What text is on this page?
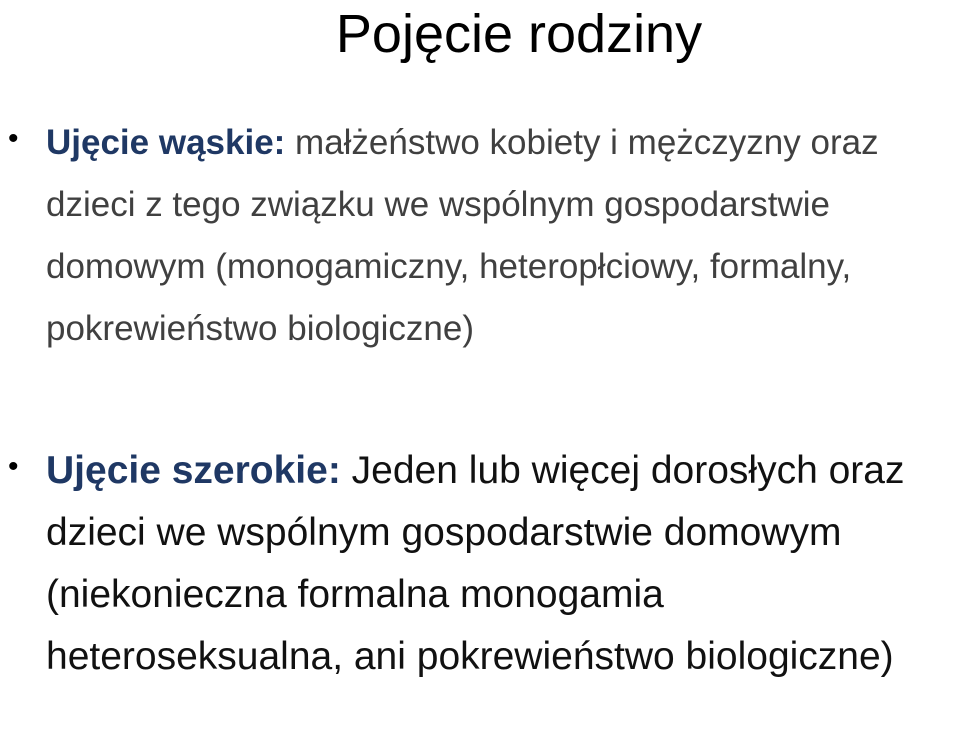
Pojęcie rodziny
• Ujęcie wąskie: małżeństwo kobiety i mężczyzny oraz dzieci z tego związku we wspólnym gospodarstwie domowym (monogamiczny, heteropłciowy, formalny, pokrewieństwo biologiczne)

• Ujęcie szerokie: Jeden lub więcej dorosłych oraz dzieci we wspólnym gospodarstwie domowym (niekonieczna formalna monogamia heteroseksualna, ani pokrewieństwo biologiczne)
